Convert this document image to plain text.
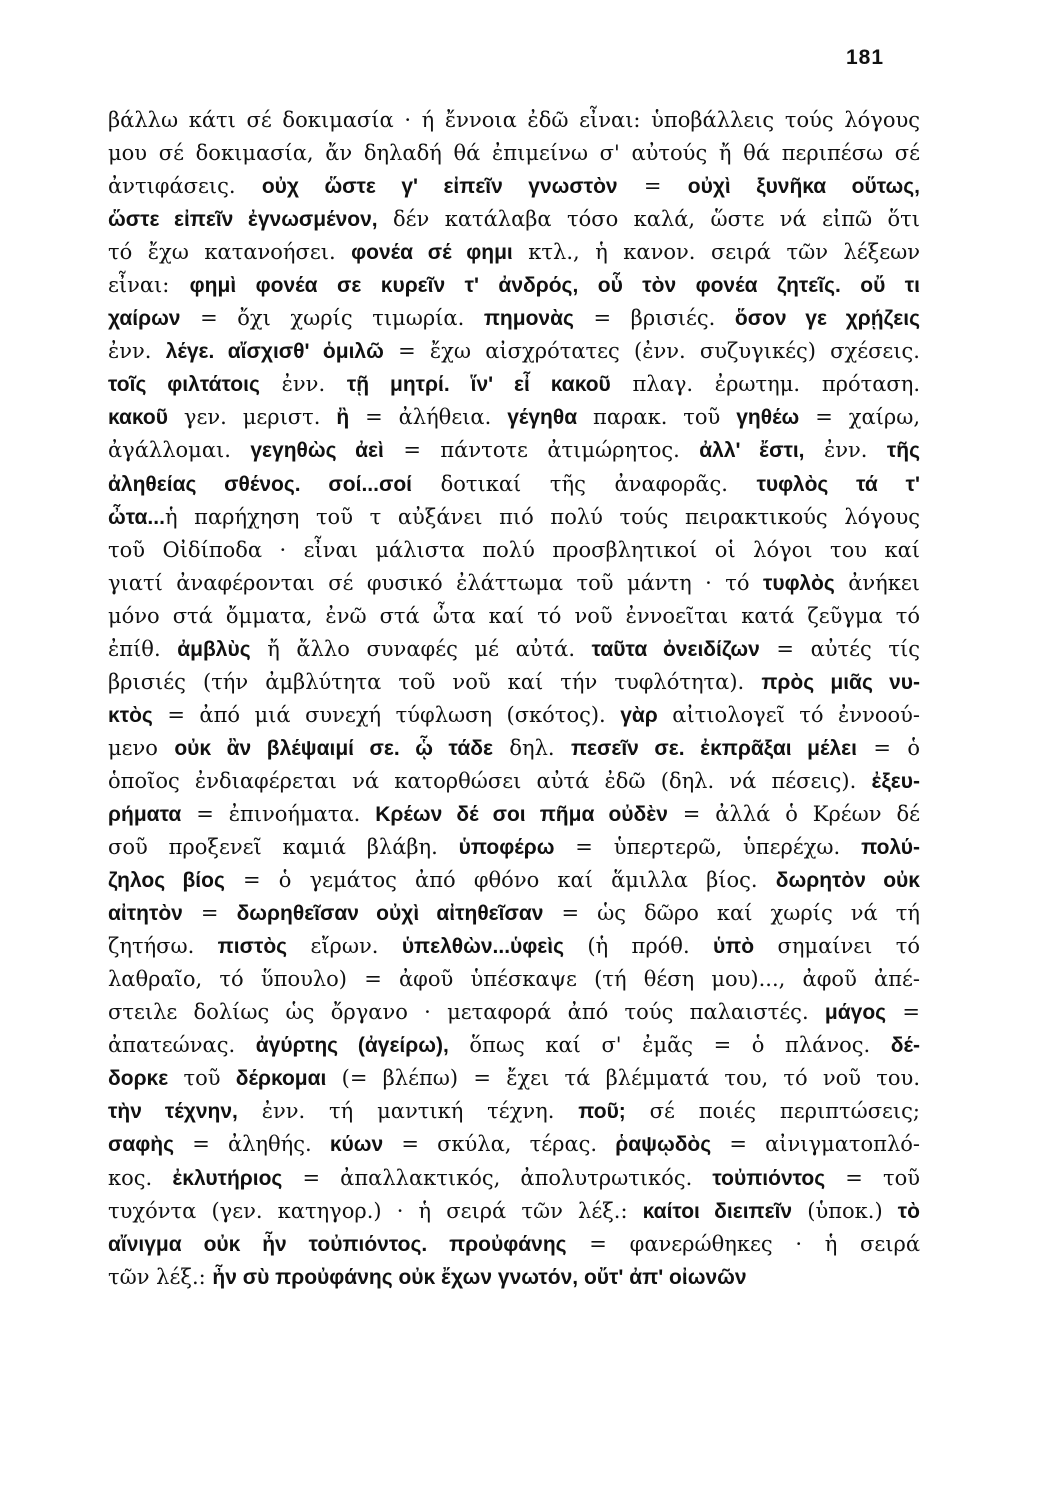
181
βάλλω κάτι σέ δοκιμασία · ή ἔννοια ἐδῶ εἶναι: ὑποβάλλεις τούς λόγους
μου σέ δοκιμασία, ἄν δηλαδή θά ἐπιμείνω σ' αὐτούς ἤ θά περιπέσω σέ
ἀντιφάσεις. οὐχ ὥστε γ' εἰπεῖν γνωστὸν = οὐχὶ ξυνῆκα οὕτως,
ὥστε εἰπεῖν ἐγνωσμένον, δέν κατάλαβα τόσο καλά, ὥστε νά εἰπῶ ὅτι
τό ἔχω κατανοήσει. φονέα σέ φημι κτλ., ἡ κανον. σειρά τῶν λέξεων
εἶναι: φημὶ φονέα σε κυρεῖν τ' ἀνδρός, οὗ τὸν φονέα ζητεῖς. οὔ τι
χαίρων = ὄχι χωρίς τιμωρία. πημονὰς = βρισιές. ὅσον γε χρῄζεις
ἐνν. λέγε. αἴσχισθ' ὁμιλῶ = ἔχω αἰσχρότατες (ἐνν. συζυγικές) σχέσεις.
τοῖς φιλτάτοις ἐνν. τῇ μητρί. ἵν' εἶ κακοῦ πλαγ. ἐρωτημ. πρόταση.
κακοῦ γεν. μεριστ. ἢ = ἀλήθεια. γέγηθα παρακ. τοῦ γηθέω = χαίρω,
ἀγάλλομαι. γεγηθὼς ἀεὶ = πάντοτε ἀτιμώρητος. ἀλλ' ἔστι, ἐνν. τῆς
ἀληθείας σθένος. σοί...σοί δοτικαί τῆς ἀναφορᾶς. τυφλὸς τά τ'
ὦτα...ἡ παρήχηση τοῦ τ αὐξάνει πιό πολύ τούς πειρακτικούς λόγους
τοῦ Οἰδίποδα · εἶναι μάλιστα πολύ προσβλητικοί οἱ λόγοι του καί
γιατί ἀναφέρονται σέ φυσικό ἐλάττωμα τοῦ μάντη · τό τυφλὸς ἀνήκει
μόνο στά ὄμματα, ἐνῶ στά ὦτα καί τό νοῦ ἐννοεῖται κατά ζεῦγμα τό
ἐπίθ. ἀμβλὺς ἤ ἄλλο συναφές μέ αὐτά. ταῦτα ὀνειδίζων = αὐτές τίς
βρισιές (τήν ἀμβλύτητα τοῦ νοῦ καί τήν τυφλότητα). πρὸς μιᾶς νυ-
κτὸς = ἀπό μιά συνεχή τύφλωση (σκότος). γὰρ αἰτιολογεῖ τό ἐννοού-
μενο οὐκ ἂν βλέψαιμί σε. ᾧ τάδε δηλ. πεσεῖν σε. ἐκπρᾶξαι μέλει = ὁ
ὁποῖος ἐνδιαφέρεται νά κατορθώσει αὐτά ἐδῶ (δηλ. νά πέσεις). ἐξευ-
ρήματα = ἐπινοήματα. Κρέων δέ σοι πῆμα οὐδὲν = ἀλλά ὁ Κρέων δέ
σοῦ προξενεῖ καμιά βλάβη. ὑποφέρω = ὑπερτερῶ, ὑπερέχω. πολύ-
ζηλος βίος = ὁ γεμάτος ἀπό φθόνο καί ἅμιλλα βίος. δωρητὸν οὐκ
αἰτητὸν = δωρηθεῖσαν οὐχὶ αἰτηθεῖσαν = ὡς δῶρο καί χωρίς νά τή
ζητήσω. πιστὸς εἴρων. ὑπελθὼν...ὑφεὶς (ἡ πρόθ. ὑπὸ σημαίνει τό
λαθραῖο, τό ὕπουλο) = ἀφοῦ ὑπέσκαψε (τή θέση μου)..., ἀφοῦ ἀπέ-
στειλε δολίως ὡς ὄργανο · μεταφορά ἀπό τούς παλαιστές. μάγος =
ἀπατεώνας. ἀγύρτης (ἀγείρω), ὅπως καί σ' ἐμᾶς = ὁ πλάνος. δέ-
δορκε τοῦ δέρκομαι (= βλέπω) = ἔχει τά βλέμματά του, τό νοῦ του.
τὴν τέχνην, ἐνν. τή μαντική τέχνη. ποῦ; σέ ποιές περιπτώσεις;
σαφὴς = ἀληθής. κύων = σκύλα, τέρας. ῥαψῳδὸς = αἰνιγματοπλό-
κος. ἐκλυτήριος = ἀπαλλακτικός, ἀπολυτρωτικός. τοὐπιόντος = τοῦ
τυχόντα (γεν. κατηγορ.) · ἡ σειρά τῶν λέξ.: καίτοι διειπεῖν (ὑποκ.) τὸ
αἴνιγμα οὐκ ἦν τοὐπιόντος. προὐφάνης = φανερώθηκες · ἡ σειρά
τῶν λέξ.: ἦν σὺ προὐφάνης οὐκ ἔχων γνωτόν, οὔτ' ἀπ' οἰωνῶν
